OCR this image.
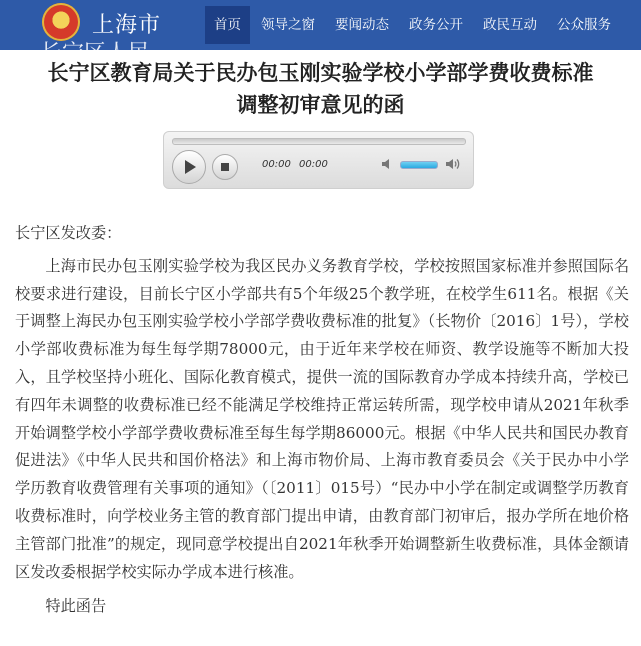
上海市
长宁区人民
首页	领导之窗	要闻动态	政务公开	政民互动	公众服务
长宁区教育局关于民办包玉刚实验学校小学部学费收费标准
调整初审意见的函
00:00 00:00

长宁区发改委：

上海市民办包玉刚实验学校为我区民办义务教育学校，学校按照国家标准并参照国际名校要求进行建设，目前长宁区小学部共有5个年级25个教学班，在校学生611名。根据《关于调整上海民办包玉刚实验学校小学部学费收费标准的批复》（长物价〔2016〕1号），学校小学部收费标准为每生每学期78000元，由于近年来学校在师资、教学设施等不断加大投入，且学校坚持小班化、国际化教育模式，提供一流的国际教育办学成本持续升高，学校已有四年未调整的收费标准已经不能满足学校维持正常运转所需，现学校申请从2021年秋季开始调整学校小学部学费收费标准至每生每学期86000元。根据《中华人民共和国民办教育促进法》《中华人民共和国价格法》和上海市物价局、上海市教育委员会《关于民办中小学学历教育收费管理有关事项的通知》（〔2011〕015号）“民办中小学在制定或调整学历教育收费标准时，向学校业务主管的教育部门提出申请，由教育部门初审后，报办学所在地价格主管部门批准”的规定，现同意学校提出自2021年秋季开始调整新生收费标准，具体金额请区发改委根据学校实际办学成本进行核准。

特此函告
